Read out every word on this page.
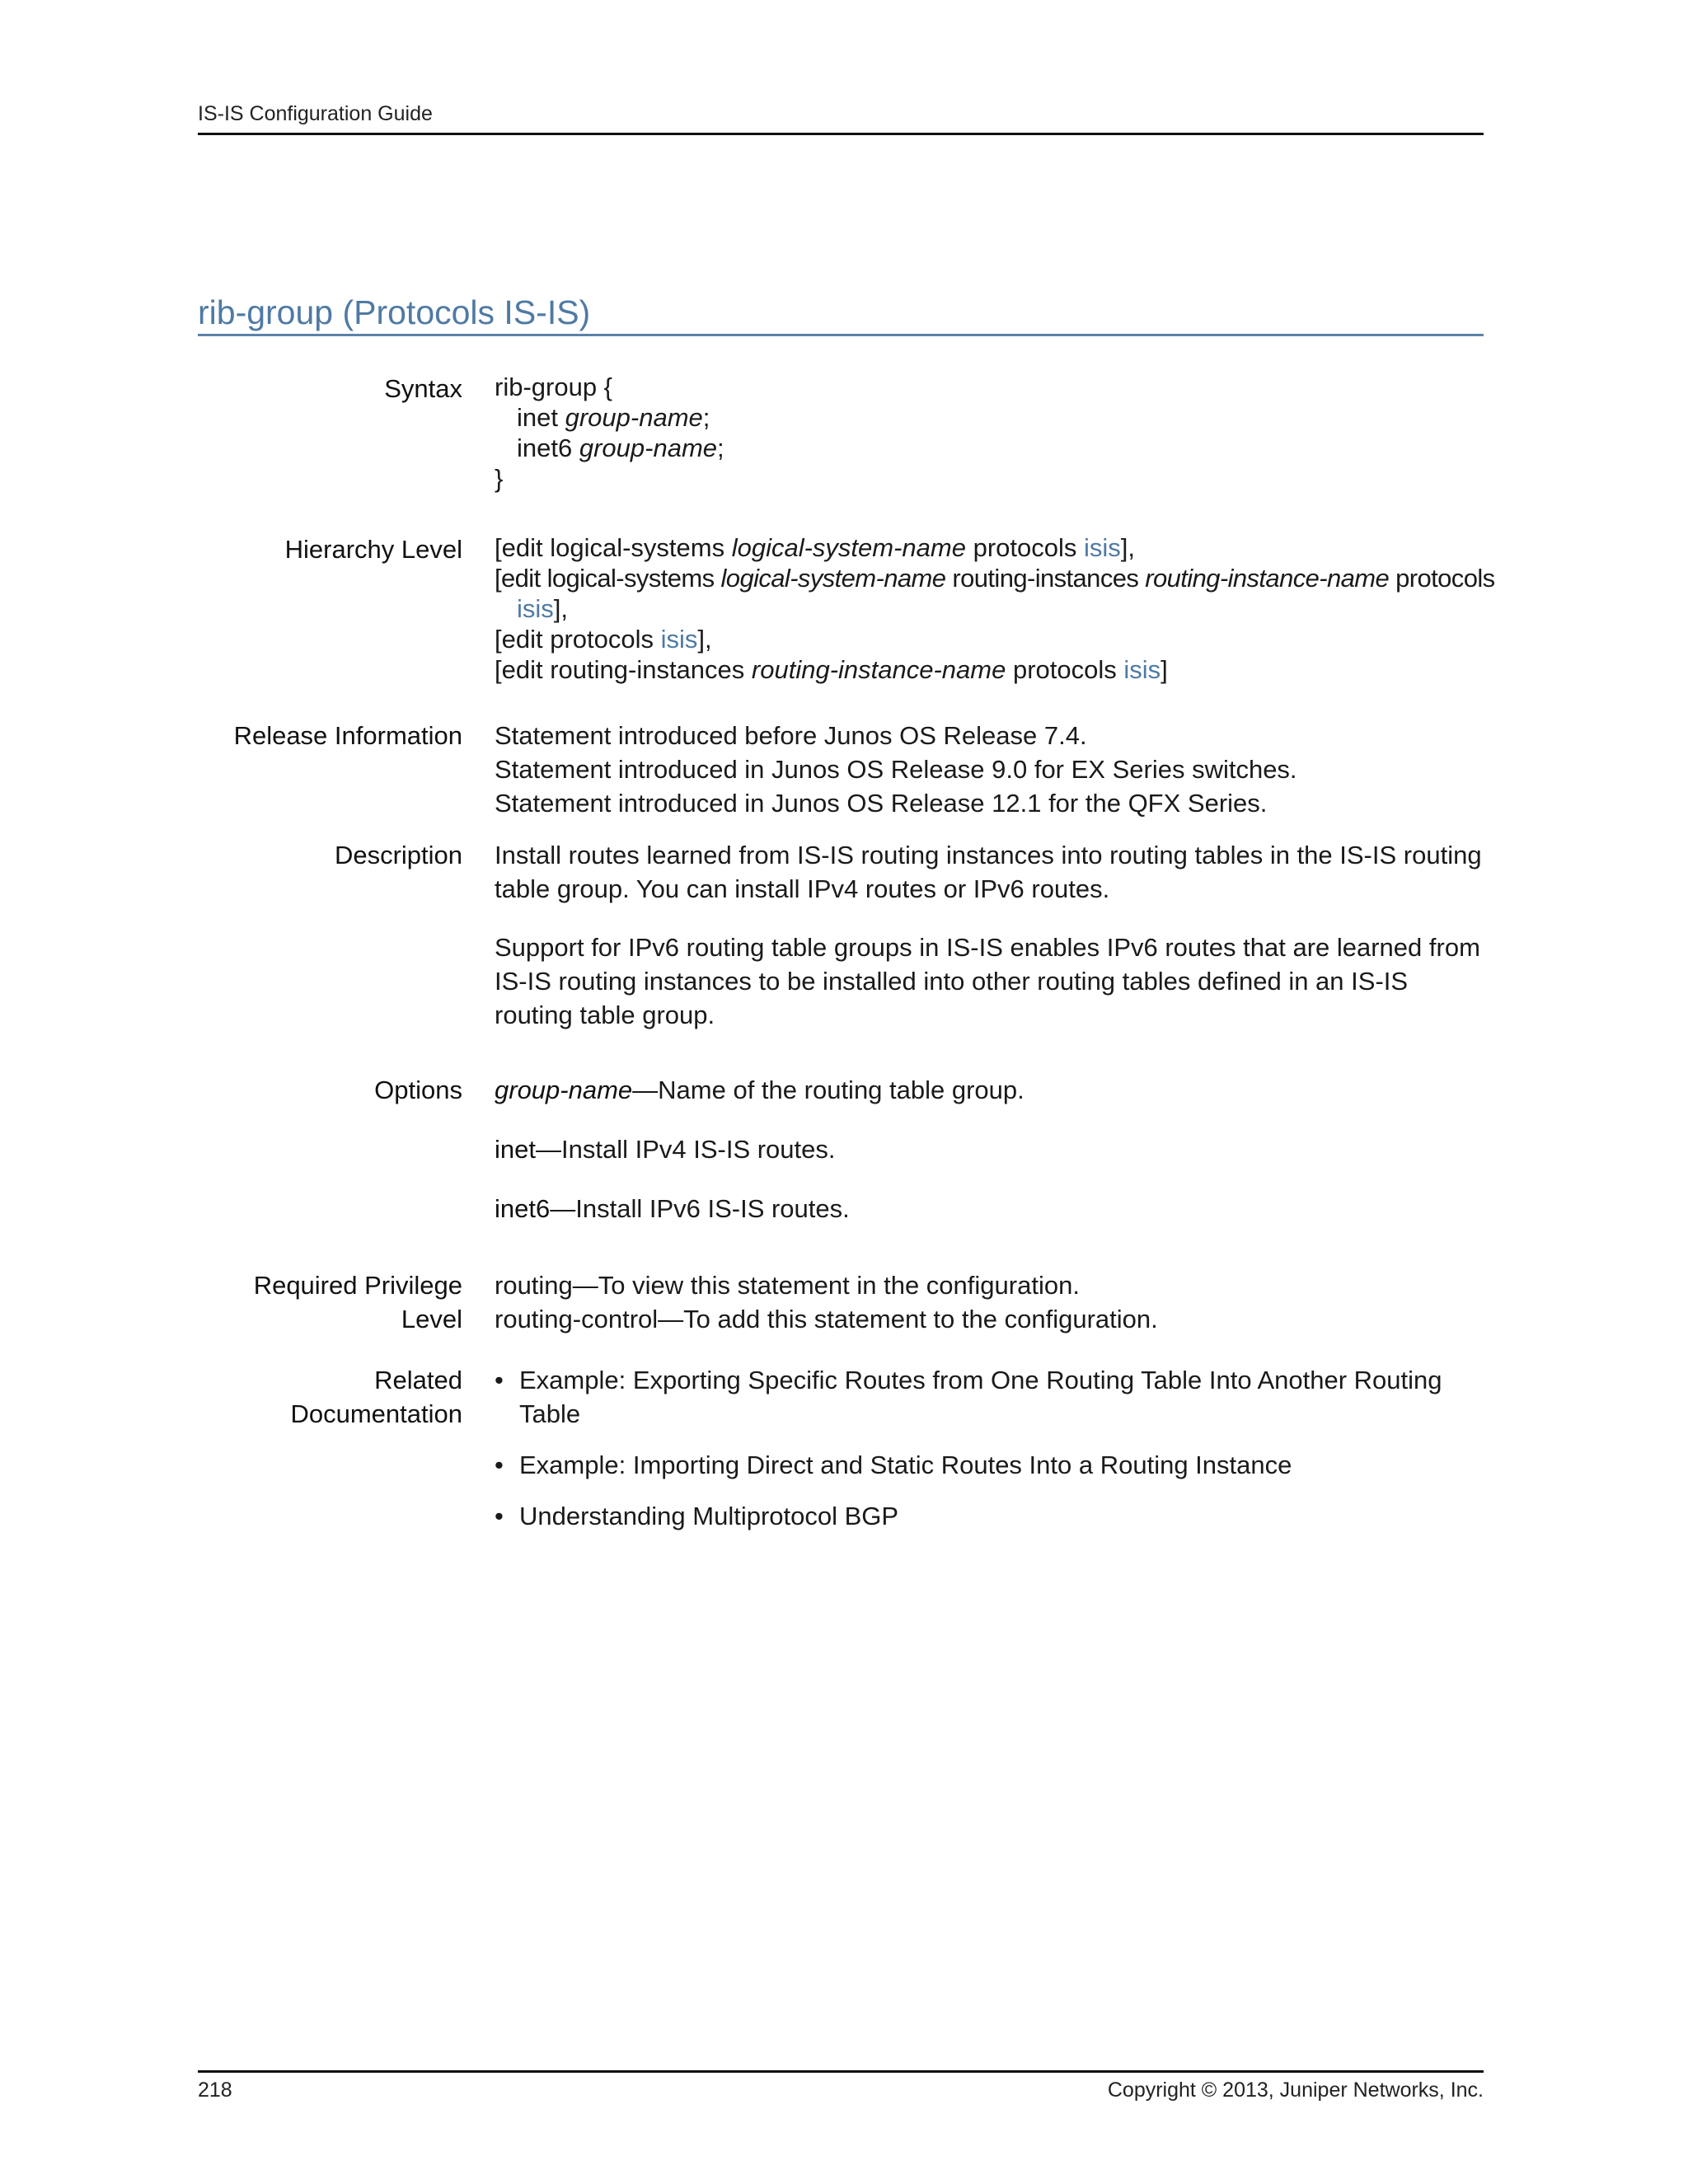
IS-IS Configuration Guide
rib-group (Protocols IS-IS)
Syntax rib-group {
inet group-name;
inet6 group-name;
}
Hierarchy Level [edit logical-systems logical-system-name protocols isis],
[edit logical-systems logical-system-name routing-instances routing-instance-name protocols
isis],
[edit protocols isis],
[edit routing-instances routing-instance-name protocols isis]
Release Information Statement introduced before Junos OS Release 7.4.
Statement introduced in Junos OS Release 9.0 for EX Series switches.
Statement introduced in Junos OS Release 12.1 for the QFX Series.
Description Install routes learned from IS-IS routing instances into routing tables in the IS-IS routing table group. You can install IPv4 routes or IPv6 routes.

Support for IPv6 routing table groups in IS-IS enables IPv6 routes that are learned from IS-IS routing instances to be installed into other routing tables defined in an IS-IS routing table group.

Options group-name—Name of the routing table group.

inet—Install IPv4 IS-IS routes.

inet6—Install IPv6 IS-IS routes.

Required Privilege
Level
routing—To view this statement in the configuration.
routing-control—To add this statement to the configuration.
Related
Documentation
• Example: Exporting Specific Routes from One Routing Table Into Another Routing Table
• Example: Importing Direct and Static Routes Into a Routing Instance
• Understanding Multiprotocol BGP
218	Copyright © 2013, Juniper Networks, Inc.
